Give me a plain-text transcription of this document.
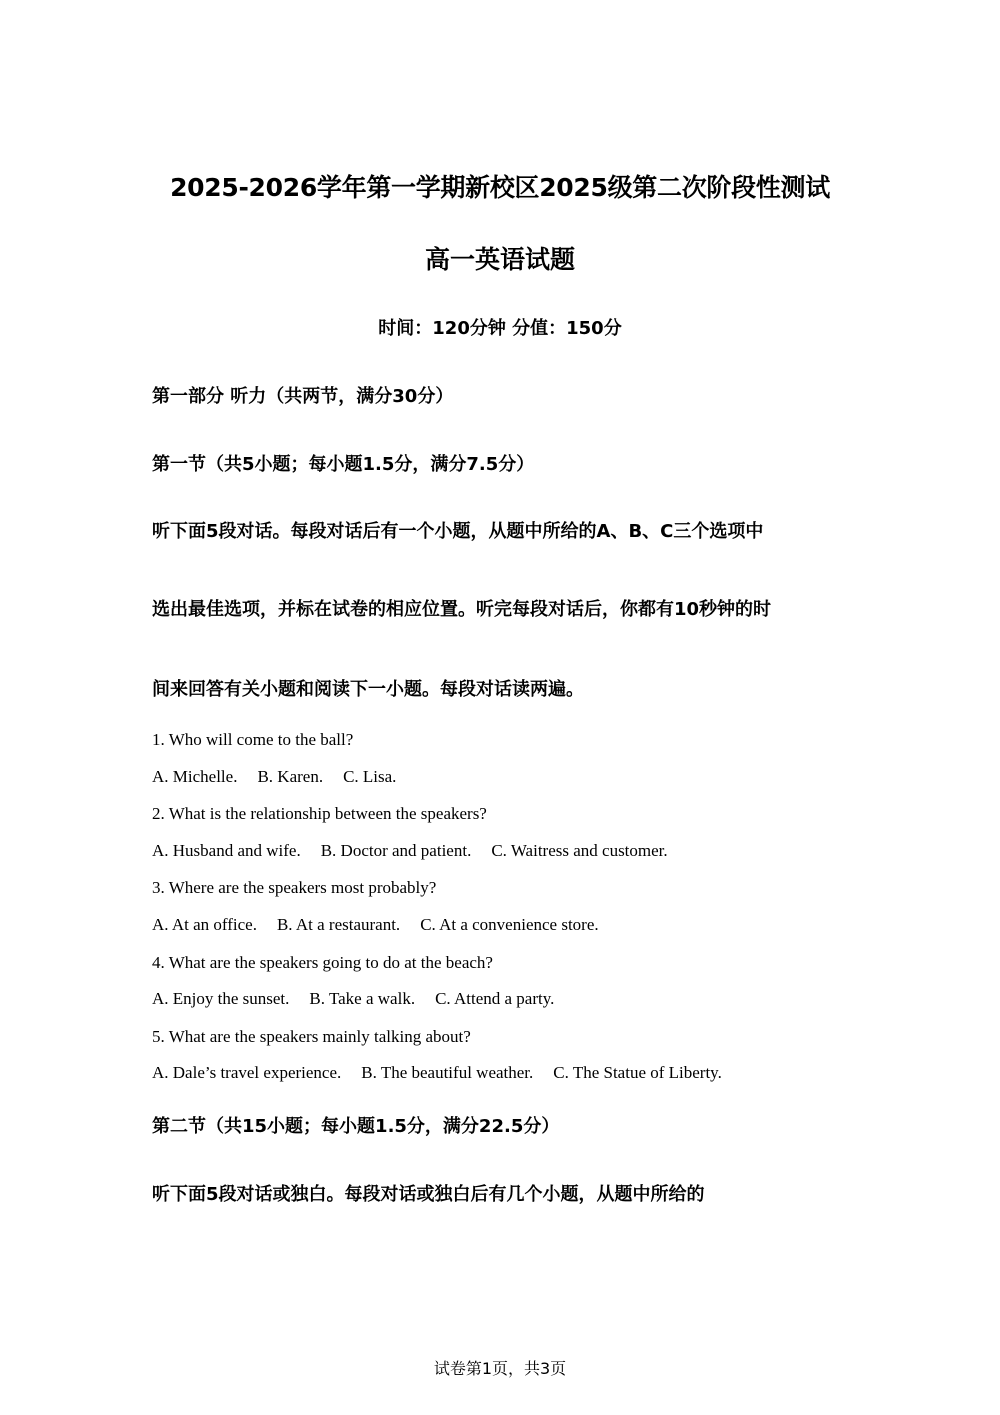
2025-2026学年第一学期新校区2025级第二次阶段性测试
高一英语试题
时间：120分钟 分值：150分
第一部分 听力（共两节，满分30分）
第一节（共5小题；每小题1.5分，满分7.5分）
听下面5段对话。每段对话后有一个小题，从题中所给的A、B、C三个选项中
选出最佳选项，并标在试卷的相应位置。听完每段对话后，你都有10秒钟的时
间来回答有关小题和阅读下一小题。每段对话读两遍。
1. Who will come to the ball?
A. Michelle. B. Karen. C. Lisa.
2. What is the relationship between the speakers?
A. Husband and wife. B. Doctor and patient. C. Waitress and customer.
3. Where are the speakers most probably?
A. At an office. B. At a restaurant. C. At a convenience store.
4. What are the speakers going to do at the beach?
A. Enjoy the sunset. B. Take a walk. C. Attend a party.
5. What are the speakers mainly talking about?
A. Dale’s travel experience. B. The beautiful weather. C. The Statue of Liberty.
第二节（共15小题；每小题1.5分，满分22.5分）
听下面5段对话或独白。每段对话或独白后有几个小题，从题中所给的
试卷第1页，共3页
